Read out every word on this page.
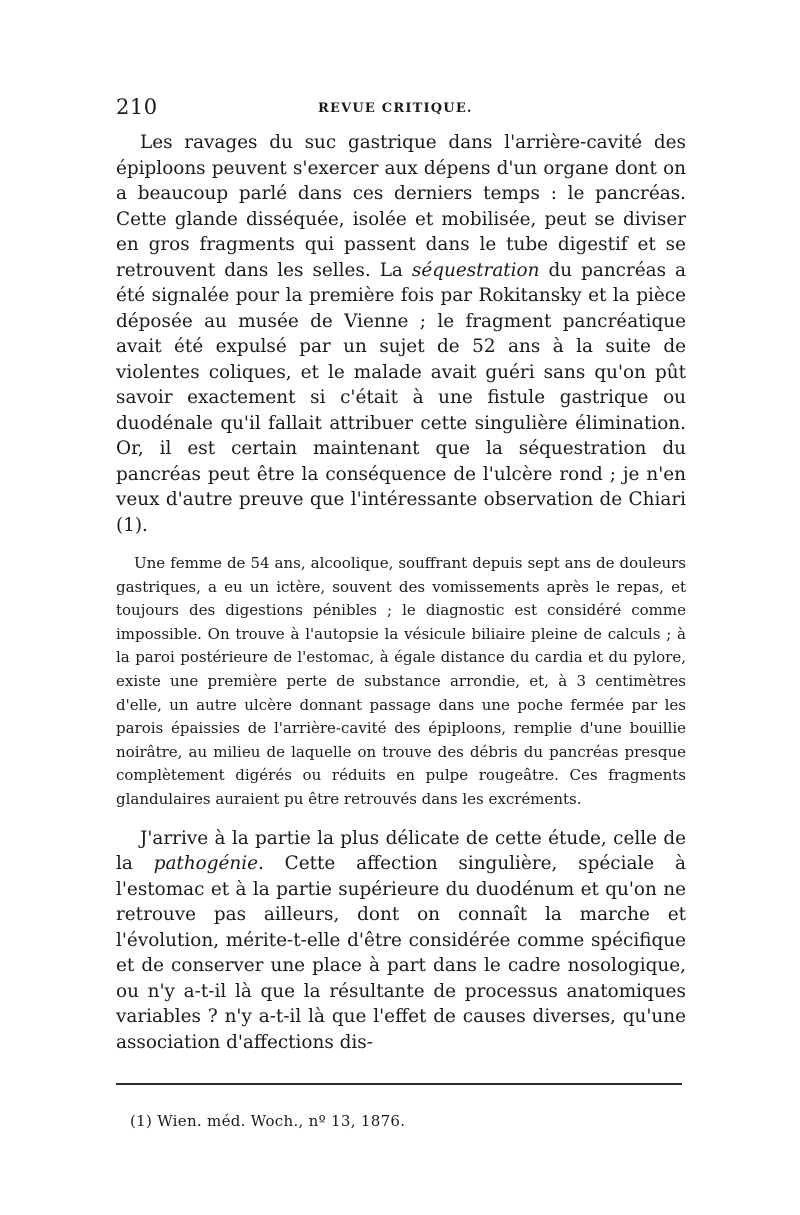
210	REVUE CRITIQUE.

Les ravages du suc gastrique dans l'arrière-cavité des épiploons peuvent s'exercer aux dépens d'un organe dont on a beaucoup parlé dans ces derniers temps : le pancréas. Cette glande disséquée, isolée et mobilisée, peut se diviser en gros fragments qui passent dans le tube digestif et se retrouvent dans les selles. La séquestration du pancréas a été signalée pour la première fois par Rokitansky et la pièce déposée au musée de Vienne ; le fragment pancréatique avait été expulsé par un sujet de 52 ans à la suite de violentes coliques, et le malade avait guéri sans qu'on pût savoir exactement si c'était à une fistule gastrique ou duodénale qu'il fallait attribuer cette singulière élimination. Or, il est certain maintenant que la séquestration du pancréas peut être la conséquence de l'ulcère rond ; je n'en veux d'autre preuve que l'intéressante observation de Chiari (1).

Une femme de 54 ans, alcoolique, souffrant depuis sept ans de douleurs gastriques, a eu un ictère, souvent des vomissements après le repas, et toujours des digestions pénibles ; le diagnostic est considéré comme impossible. On trouve à l'autopsie la vésicule biliaire pleine de calculs ; à la paroi postérieure de l'estomac, à égale distance du cardia et du pylore, existe une première perte de substance arrondie, et, à 3 centimètres d'elle, un autre ulcère donnant passage dans une poche fermée par les parois épaissies de l'arrière-cavité des épiploons, remplie d'une bouillie noirâtre, au milieu de laquelle on trouve des débris du pancréas presque complètement digérés ou réduits en pulpe rougeâtre. Ces fragments glandulaires auraient pu être retrouvés dans les excréments.

J'arrive à la partie la plus délicate de cette étude, celle de la pathogénie. Cette affection singulière, spéciale à l'estomac et à la partie supérieure du duodénum et qu'on ne retrouve pas ailleurs, dont on connaît la marche et l'évolution, mérite-t-elle d'être considérée comme spécifique et de conserver une place à part dans le cadre nosologique, ou n'y a-t-il là que la résultante de processus anatomiques variables ? n'y a-t-il là que l'effet de causes diverses, qu'une association d'affections dis-

(1) Wien. méd. Woch., nº 13, 1876.
